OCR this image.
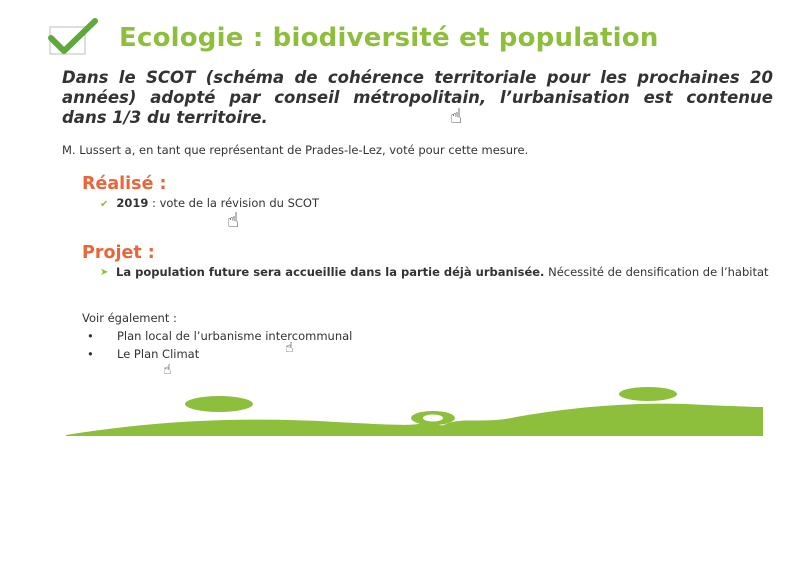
Ecologie : biodiversité et population
Dans le SCOT (schéma de cohérence territoriale pour les prochaines 20
années) adopté par conseil métropolitain, l’urbanisation est contenue
dans 1/3 du territoire.
M. Lussert a, en tant que représentant de Prades-le-Lez, voté pour cette mesure.
Réalisé :
✔ 2019 : vote de la révision du SCOT
Projet :
➤ La population future sera accueillie dans la partie déjà urbanisée. Nécessité de densification de l’habitat
Voir également :
• Plan local de l’urbanisme intercommunal
• Le Plan Climat
☝
☝
☝
☝
